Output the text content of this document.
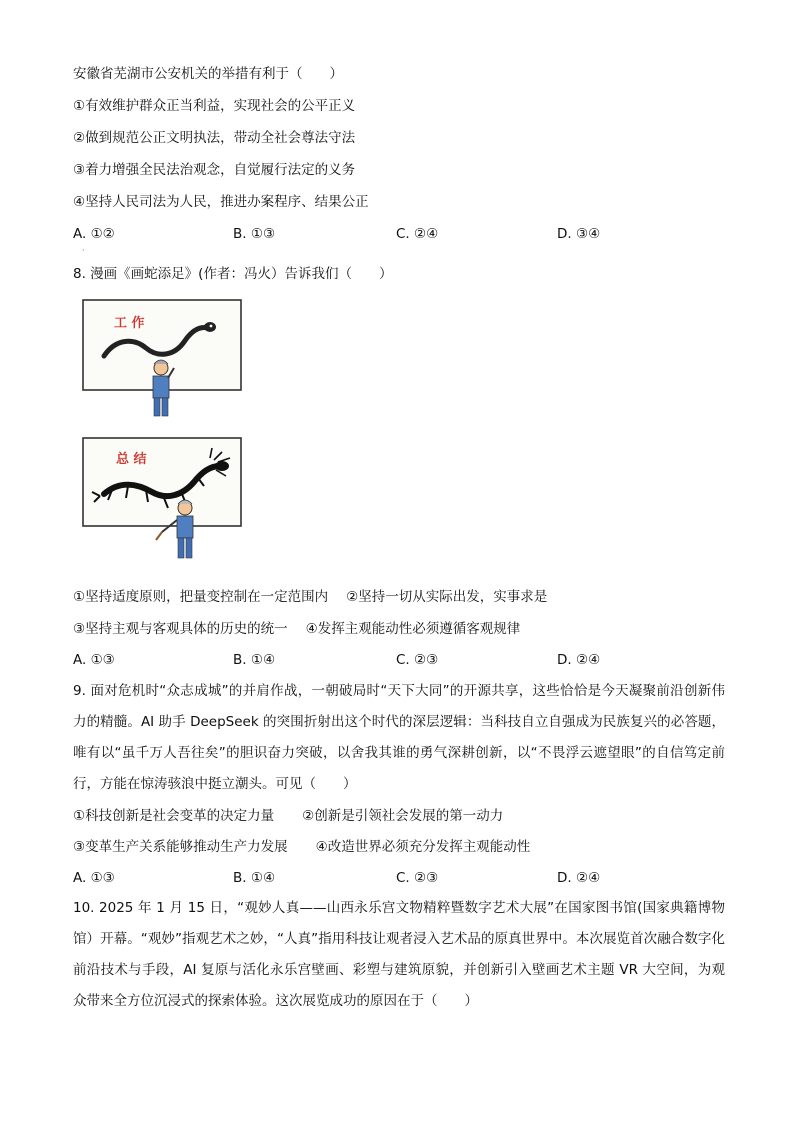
安徽省芜湖市公安机关的举措有利于（　　）
①有效维护群众正当利益，实现社会的公平正义
②做到规范公正文明执法，带动全社会尊法守法
③着力增强全民法治观念，自觉履行法定的义务
④坚持人民司法为人民，推进办案程序、结果公正
A. ①②	B. ①③	C. ②④	D. ③④
·
8. 漫画《画蛇添足》(作者：冯火）告诉我们（　　）
工 作
总 结
①坚持适度原则，把量变控制在一定范围内 ②坚持一切从实际出发，实事求是
③坚持主观与客观具体的历史的统一 ④发挥主观能动性必须遵循客观规律
A. ①③	B. ①④	C. ②③	D. ②④
9. 面对危机时“众志成城”的并肩作战，一朝破局时“天下大同”的开源共享，这些恰恰是今天凝聚前沿创新伟力的精髓。AI 助手 DeepSeek 的突围折射出这个时代的深层逻辑：当科技自立自强成为民族复兴的必答题，唯有以“虽千万人吾往矣”的胆识奋力突破，以舍我其谁的勇气深耕创新，以“不畏浮云遮望眼”的自信笃定前行，方能在惊涛骇浪中挺立潮头。可见（　　）
①科技创新是社会变革的决定力量 ②创新是引领社会发展的第一动力
③变革生产关系能够推动生产力发展 ④改造世界必须充分发挥主观能动性
A. ①③	B. ①④	C. ②③	D. ②④
10. 2025 年 1 月 15 日，“观妙人真——山西永乐宫文物精粹暨数字艺术大展”在国家图书馆(国家典籍博物馆）开幕。“观妙”指观艺术之妙，“人真”指用科技让观者浸入艺术品的原真世界中。本次展览首次融合数字化前沿技术与手段，AI 复原与活化永乐宫壁画、彩塑与建筑原貌，并创新引入壁画艺术主题 VR 大空间，为观众带来全方位沉浸式的探索体验。这次展览成功的原因在于（　　）
